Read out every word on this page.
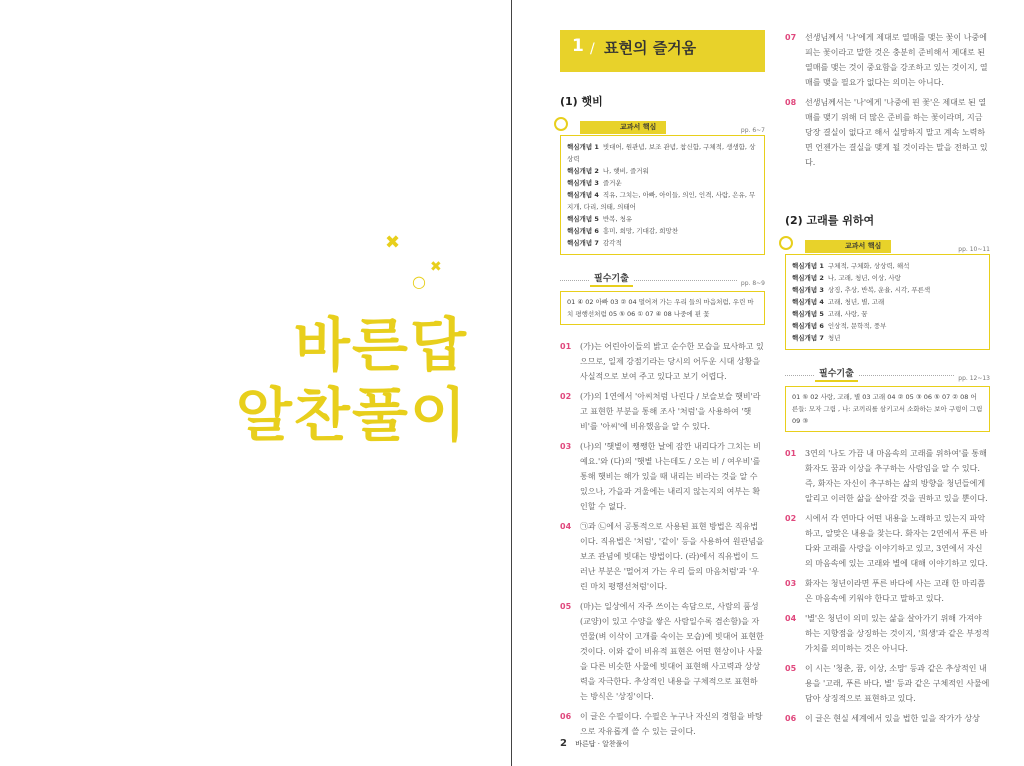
✖
✖
○
바른답
알찬풀이
1 / 표현의 즐거움
(1) 햇비
교과서 핵심	pp. 6~7
핵심개념 1 빗대어, 원관념, 보조 관념, 참신함, 구체적, 생생함, 상상력
핵심개념 2 나, 햇비, 즐거워
핵심개념 3 즐거운
핵심개념 4 직유, 그치는, 아빠, 아이들, 의인, 인격, 사람, 은유, 무지개, 다리, 의태, 의태어
핵심개념 5 반복, 청유
핵심개념 6 흥미, 희망, 기대감, 희망찬
핵심개념 7 감각적
필수기출	pp. 8~9
01 ④ 02 아빠 03 ② 04 멀어져 가는 우리 들의 마음처럼, 우린 마치 평행선처럼 05 ⑤ 06 ① 07 ④ 08 나중에 핀 꽃
01	(가)는 어린아이들의 밝고 순수한 모습을 묘사하고 있으므로, 일제 강점기라는 당시의 어두운 시대 상황을 사실적으로 보여 주고 있다고 보기 어렵다.
02	(가)의 1연에서 '아씨처럼 나린다 / 보슬보슬 햇비'라고 표현한 부분을 통해 조사 '처럼'을 사용하여 '햇비'를 '아씨'에 비유했음을 알 수 있다.
03	(나)의 '햇볕이 쨍쨍한 날에 잠깐 내리다가 그치는 비예요.'와 (다)의 '햇볕 나는데도 / 오는 비 / 여우비'를 통해 햇비는 해가 있을 때 내리는 비라는 것을 알 수 있으나, 가을과 겨울에는 내리지 않는지의 여부는 확인할 수 없다.
04	㉠과 ㉡에서 공통적으로 사용된 표현 방법은 직유법이다. 직유법은 '처럼', '같이' 등을 사용하여 원관념을 보조 관념에 빗대는 방법이다. (라)에서 직유법이 드러난 부분은 '멀어져 가는 우리 들의 마음처럼'과 '우린 마치 평행선처럼'이다.
05	(마)는 일상에서 자주 쓰이는 속담으로, 사람의 품성(교양)이 있고 수양을 쌓은 사람일수록 겸손함)을 자연물(벼 이삭이 고개를 숙이는 모습)에 빗대어 표현한 것이다. 이와 같이 비유적 표현은 어떤 현상이나 사물을 다른 비슷한 사물에 빗대어 표현해 사고력과 상상력을 자극한다. 추상적인 내용을 구체적으로 표현하는 방식은 '상징'이다.
06	이 글은 수필이다. 수필은 누구나 자신의 경험을 바탕으로 자유롭게 쓸 수 있는 글이다.
07	선생님께서 '나'에게 제대로 열매를 맺는 꽃이 나중에 피는 꽃이라고 말한 것은 충분히 준비해서 제대로 된 열매를 맺는 것이 중요함을 강조하고 있는 것이지, 열매를 맺을 필요가 없다는 의미는 아니다.
08	선생님께서는 '나'에게 '나중에 핀 꽃'은 제대로 된 열매를 맺기 위해 더 많은 준비를 하는 꽃이라며, 지금 당장 결실이 없다고 해서 실망하지 말고 계속 노력하면 언젠가는 결실을 맺게 될 것이라는 말을 전하고 있다.
(2) 고래를 위하여
교과서 핵심	pp. 10~11
핵심개념 1 구체적, 구체화, 상상력, 해석
핵심개념 2 나, 고래, 청년, 이상, 사랑
핵심개념 3 상징, 추상, 반복, 운율, 시각, 푸른색
핵심개념 4 고래, 청년, 별, 고래
핵심개념 5 고래, 사랑, 꿈
핵심개념 6 인상적, 문학적, 풍부
핵심개념 7 청년
필수기출	pp. 12~13
01 ⑤ 02 사랑, 고래, 별 03 고래 04 ② 05 ③ 06 ⑤ 07 ② 08 어른들: 모자 그림 , 나: 코끼리를 삼키고서 소화하는 보아 구렁이 그림 09 ③
01	3연의 '나도 가끔 내 마음속의 고래를 위하여'를 통해 화자도 꿈과 이상을 추구하는 사람임을 알 수 있다. 즉, 화자는 자신이 추구하는 삶의 방향을 청년들에게 알리고 이러한 삶을 살아갈 것을 권하고 있을 뿐이다.
02	시에서 각 연마다 어떤 내용을 노래하고 있는지 파악하고, 알맞은 내용을 찾는다. 화자는 2연에서 푸른 바다와 고래를 사랑을 이야기하고 있고, 3연에서 자신의 마음속에 있는 고래와 별에 대해 이야기하고 있다.
03	화자는 청년이라면 푸른 바다에 사는 고래 한 마리쯤은 마음속에 키워야 한다고 말하고 있다.
04	'별'은 청년이 의미 있는 삶을 살아가기 위해 가져야 하는 지향점을 상징하는 것이지, '희생'과 같은 부정적 가치를 의미하는 것은 아니다.
05	이 시는 '청춘, 꿈, 이상, 소망' 등과 같은 추상적인 내용을 '고래, 푸른 바다, 별' 등과 같은 구체적인 사물에 담아 상징적으로 표현하고 있다.
06	이 글은 현실 세계에서 있을 법한 일을 작가가 상상
2 바른답 · 알찬풀이
